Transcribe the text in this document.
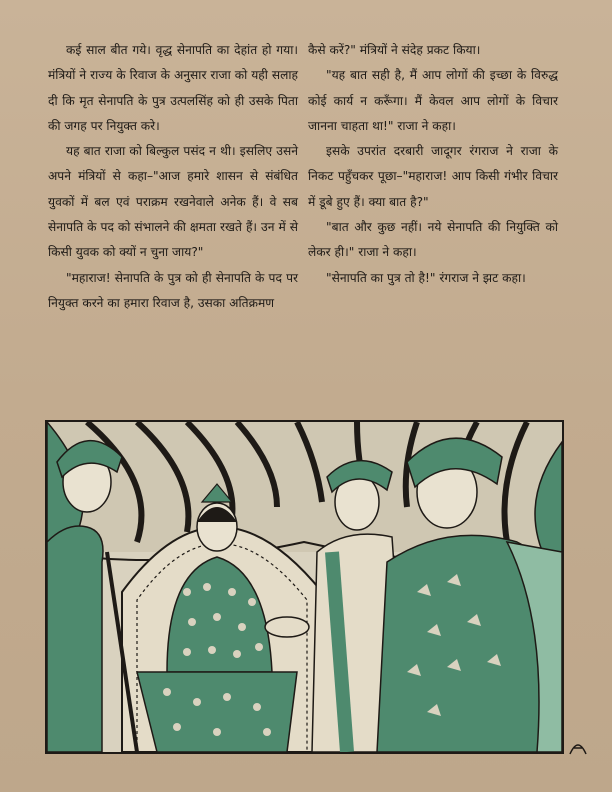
कई साल बीत गये। वृद्ध सेनापति का देहांत हो गया। मंत्रियों ने राज्य के रिवाज के अनुसार राजा को यही सलाह दी कि मृत सेनापति के पुत्र उत्पलसिंह को ही उसके पिता की जगह पर नियुक्त करे।

यह बात राजा को बिल्कुल पसंद न थी। इसलिए उसने अपने मंत्रियों से कहा–"आज हमारे शासन से संबंधित युवकों में बल एवं पराक्रम रखनेवाले अनेक हैं। वे सब सेनापति के पद को संभालने की क्षमता रखते हैं। उन में से किसी युवक को क्यों न चुना जाय?"

"महाराज! सेनापति के पुत्र को ही सेनापति के पद पर नियुक्त करने का हमारा रिवाज है, उसका अतिक्रमण

कैसे करें?" मंत्रियों ने संदेह प्रकट किया।

"यह बात सही है, मैं आप लोगों की इच्छा के विरुद्ध कोई कार्य न करूँगा। मैं केवल आप लोगों के विचार जानना चाहता था!" राजा ने कहा।

इसके उपरांत दरबारी जादूगर रंगराज ने राजा के निकट पहुँचकर पूछा–"महाराज! आप किसी गंभीर विचार में डूबे हुए हैं। क्या बात है?"

"बात और कुछ नहीं। नये सेनापति की नियुक्ति को लेकर ही।" राजा ने कहा।

"सेनापति का पुत्र तो है!" रंगराज ने झट कहा।
